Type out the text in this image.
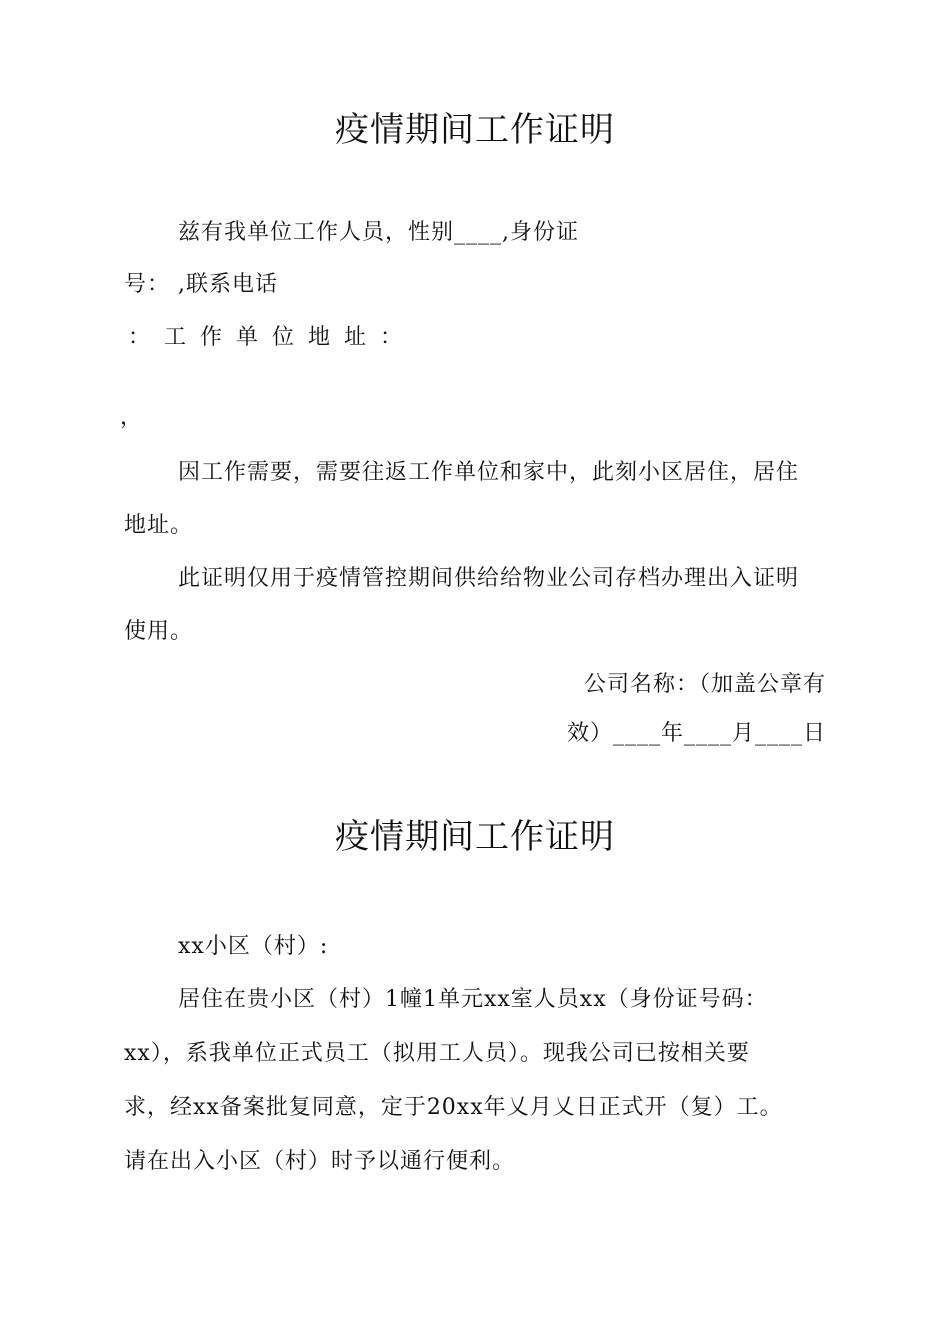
疫情期间工作证明
兹有我单位工作人员，性别____,身份证
号： ,联系电话
：工作单位地址：
，
因工作需要，需要往返工作单位和家中，此刻小区居住，居住
地址。
此证明仅用于疫情管控期间供给给物业公司存档办理出入证明
使用。
公司名称：（加盖公章有
效）____年____月____日
疫情期间工作证明
xx小区（村）:
居住在贵小区（村）1幢1单元xx室人员xx（身份证号码：
xx），系我单位正式员工（拟用工人员）。现我公司已按相关要
求，经xx备案批复同意，定于20xx年乂月乂日正式开（复）工。
请在出入小区（村）时予以通行便利。
